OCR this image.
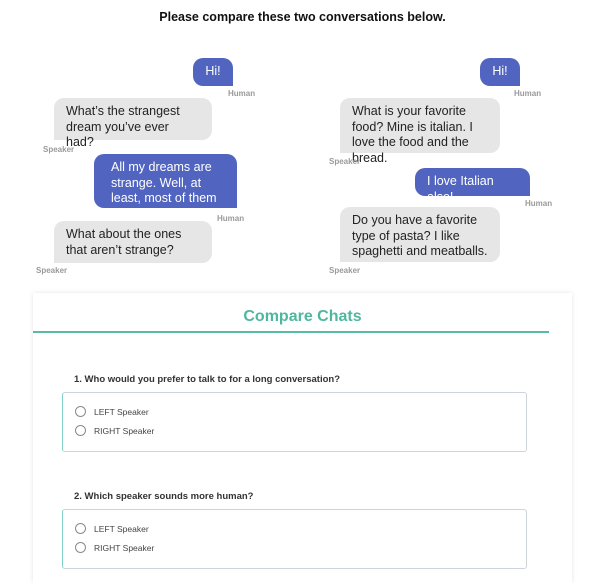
Please compare these two conversations below.
Hi!
Human
What’s the strangest dream you’ve ever had?
Speaker
All my dreams are strange. Well, at least, most of them are.	Human
What about the ones that aren’t strange?
Speaker
Hi!
Human
What is your favorite food? Mine is italian. I love the food and the bread.
Speaker
I love Italian also!	Human
Do you have a favorite type of pasta? I like spaghetti and meatballs.
Speaker
Compare Chats
1. Who would you prefer to talk to for a long conversation?
LEFT Speaker
RIGHT Speaker
2. Which speaker sounds more human?
LEFT Speaker
RIGHT Speaker
